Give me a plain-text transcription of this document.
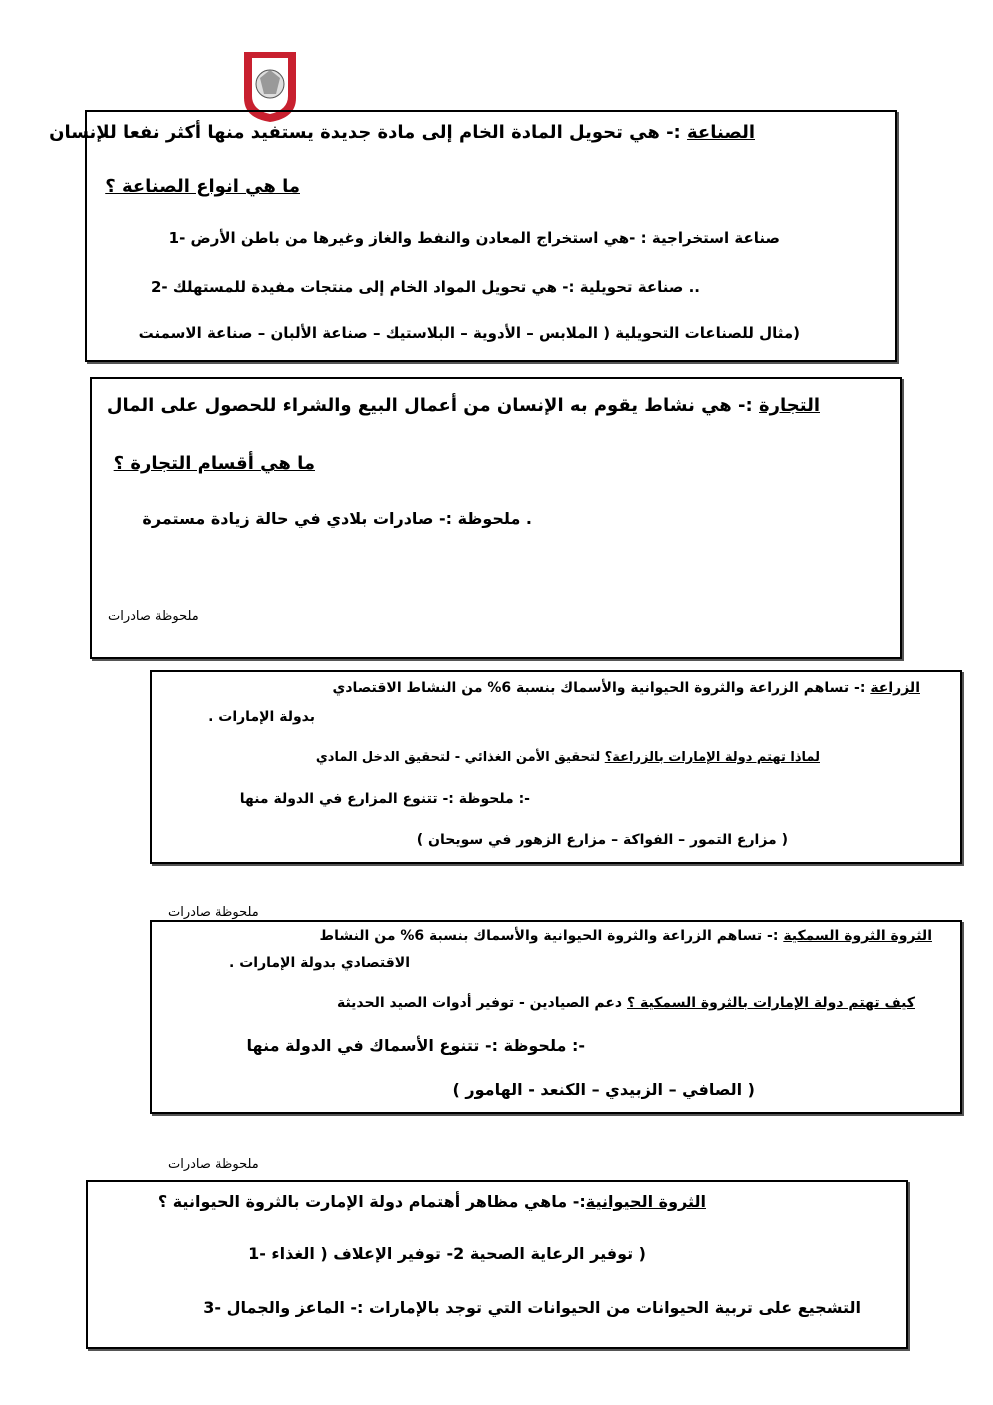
الصناعة :- هي تحويل المادة الخام إلى مادة جديدة يستفيد منها أكثر نفعا للإنسان
ما هي انواع الصناعة ؟
صناعة استخراجية : -هي استخراج المعادن والنفط والغاز وغيرها من باطن الأرض -1
.. صناعة تحويلية :- هي تحويل المواد الخام إلى منتجات مفيدة للمستهلك -2
(مثال للصناعات التحويلية ( الملابس – الأدوية – البلاستيك – صناعة الألبان – صناعة الاسمنت
التجارة :- هي نشاط يقوم به الإنسان من أعمال البيع والشراء للحصول على المال
ما هي أقسام التجارة ؟
. ملحوظة :- صادرات بلادي في حالة زيادة مستمرة
ملحوظة صادرات
الزراعة :- تساهم الزراعة والثروة الحيوانية والأسماك بنسبة 6% من النشاط الاقتصادي
بدولة الإمارات .
لماذا تهتم دولة الإمارات بالزراعة؟ لتحقيق الأمن الغذائي - لتحقيق الدخل المادي
-: ملحوظة :- تتنوع المزارع في الدولة منها
( مزارع التمور – الفواكة – مزارع الزهور في سويحان )
ملحوظة صادرات
الثروة الثروة السمكية :- تساهم الزراعة والثروة الحيوانية والأسماك بنسبة 6% من النشاط
الاقتصادي بدولة الإمارات .
كيف تهتم دولة الإمارات بالثروة السمكية ؟ دعم الصيادين - توفير أدوات الصيد الحديثة
-: ملحوظة :- تتنوع الأسماك في الدولة منها
( الصافي – الزبيدي – الكنعد - الهامور )
ملحوظة صادرات
الثروة الحيوانية:- ماهي مظاهر أهتمام دولة الإمارت بالثروة الحيوانية ؟
( توفير الرعاية الصحية 2- توفير الإعلاف ( الغذاء -1
التشجيع على تربية الحيوانات من الحيوانات التي توجد بالإمارات :- الماعز والجمال -3
